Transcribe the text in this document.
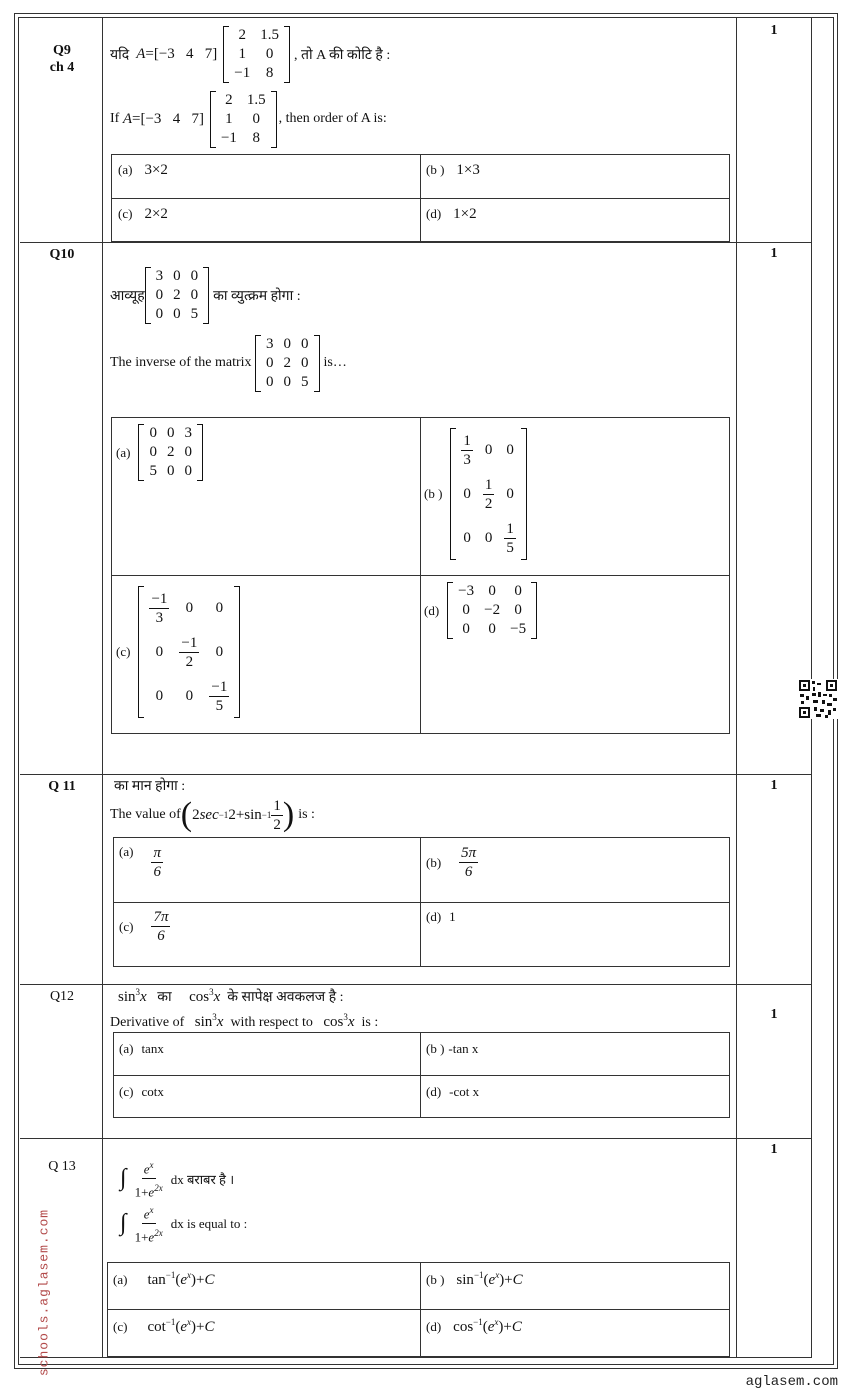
Q9
ch 4
1
यदि
A = [−3 4 7]
2	1.5
1	0
−1	8
, तो A की कोटि है :
If
A = [−3 4 7]
2	1.5
1	0
−1	8
, then order of A is:
(a) 3×2	(b ) 1×3
(c) 2×2	(d) 1×2
Q10	1
आव्यूह
3	0	0
0	2	0
0	0	5
का व्युत्क्रम होगा :
The inverse of the matrix

3	0	0
0	2	0
0	0	5
is…
(a)

0	0	3
0	2	0
5	0	0
(b )

$\frac{1}{3}$	0	0
0	$\frac{1}{2}$	0
0	0	$\frac{1}{5}$
(c)

$\frac{-1}{3}$	0	0
0	$\frac{-1}{2}$	0
0	0	$\frac{-1}{5}$
(d)

−3	0	0
0	−2	0
0	0	−5
Q 11	1
का मान होगा :
The value of ( 2 sec −1 $2+\sin -1 \frac{1}{2}$ ) is :
$(a) \frac{\pi}{6}$	$(b) \frac{5\pi}{6}$
$(c) \frac{7\pi}{6}$	(d) 1
Q12
1
$\sin^3x$ का $\cos^3x$ के सापेक्ष अवकलज है :
Derivative of $\sin^3x$ with respect to $\cos^3x$ is :
(a) tanx	(b ) -tan x
(c) cotx	(d) -cot x
Q 13
1
∫ $\frac{e^x}{1+e^{2x}}$ dx बराबर है ।
∫ $\frac{e^x}{1+e^{2x}}$ dx is equal to :
(a) $\tan^{-1}(e^x)+C$	(b ) $\sin^{-1}(e^x)+C$
(c) $\cot^{-1}(e^x)+C$	(d) $\cos^{-1}(e^x)+C$
schools.aglasem.com
aglasem.com
